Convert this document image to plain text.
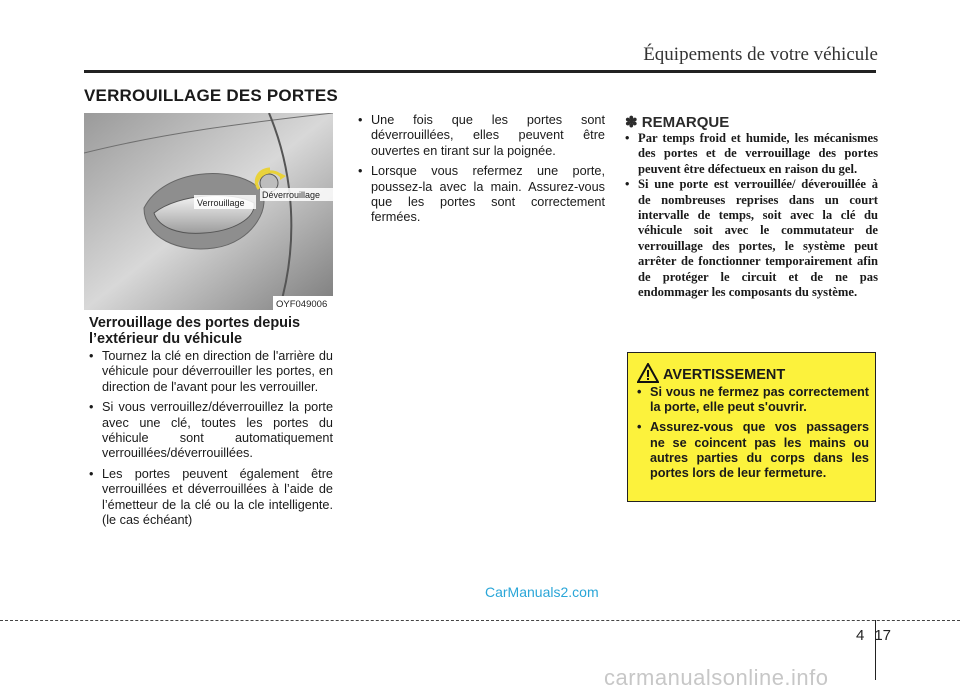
Équipements de votre véhicule
VERROUILLAGE DES PORTES
Verrouillage
Déverrouillage
OYF049006
Verrouillage des portes depuis l’extérieur du véhicule
• Tournez la clé en direction de l'arrière du véhicule pour déverrouiller les portes, en direction de l'avant pour les verrouiller.
• Si vous verrouillez/déverrouillez la porte avec une clé, toutes les portes du véhicule sont automatiquement verrouillées/déverrouillées.
• Les portes peuvent également être verrouillées et déverrouillées à l’aide de l’émetteur de la clé ou la cle intelligente.(le cas échéant)
• Une fois que les portes sont déverrouillées, elles peuvent être ouvertes en tirant sur la poignée.
• Lorsque vous refermez une porte, poussez-la avec la main. Assurez-vous que les portes sont correctement fermées.
✽ REMARQUE
• Par temps froid et humide, les mécanismes des portes et de verrouillage des portes peuvent être défectueux en raison du gel.
• Si une porte est verrouillée/ déverouillée à de nombreuses reprises dans un court intervalle de temps, soit avec la clé du véhicule soit avec le commutateur de verrouillage des portes, le système peut arrêter de fonctionner temporairement afin de protéger le circuit et de ne pas endommager les composants du système.
AVERTISSEMENT
• Si vous ne fermez pas correctement la porte, elle peut s'ouvrir.
• Assurez-vous que vos passagers ne se coincent pas les mains ou autres parties du corps dans les portes lors de leur fermeture.
CarManuals2.com
4 17
carmanualsonline.info
